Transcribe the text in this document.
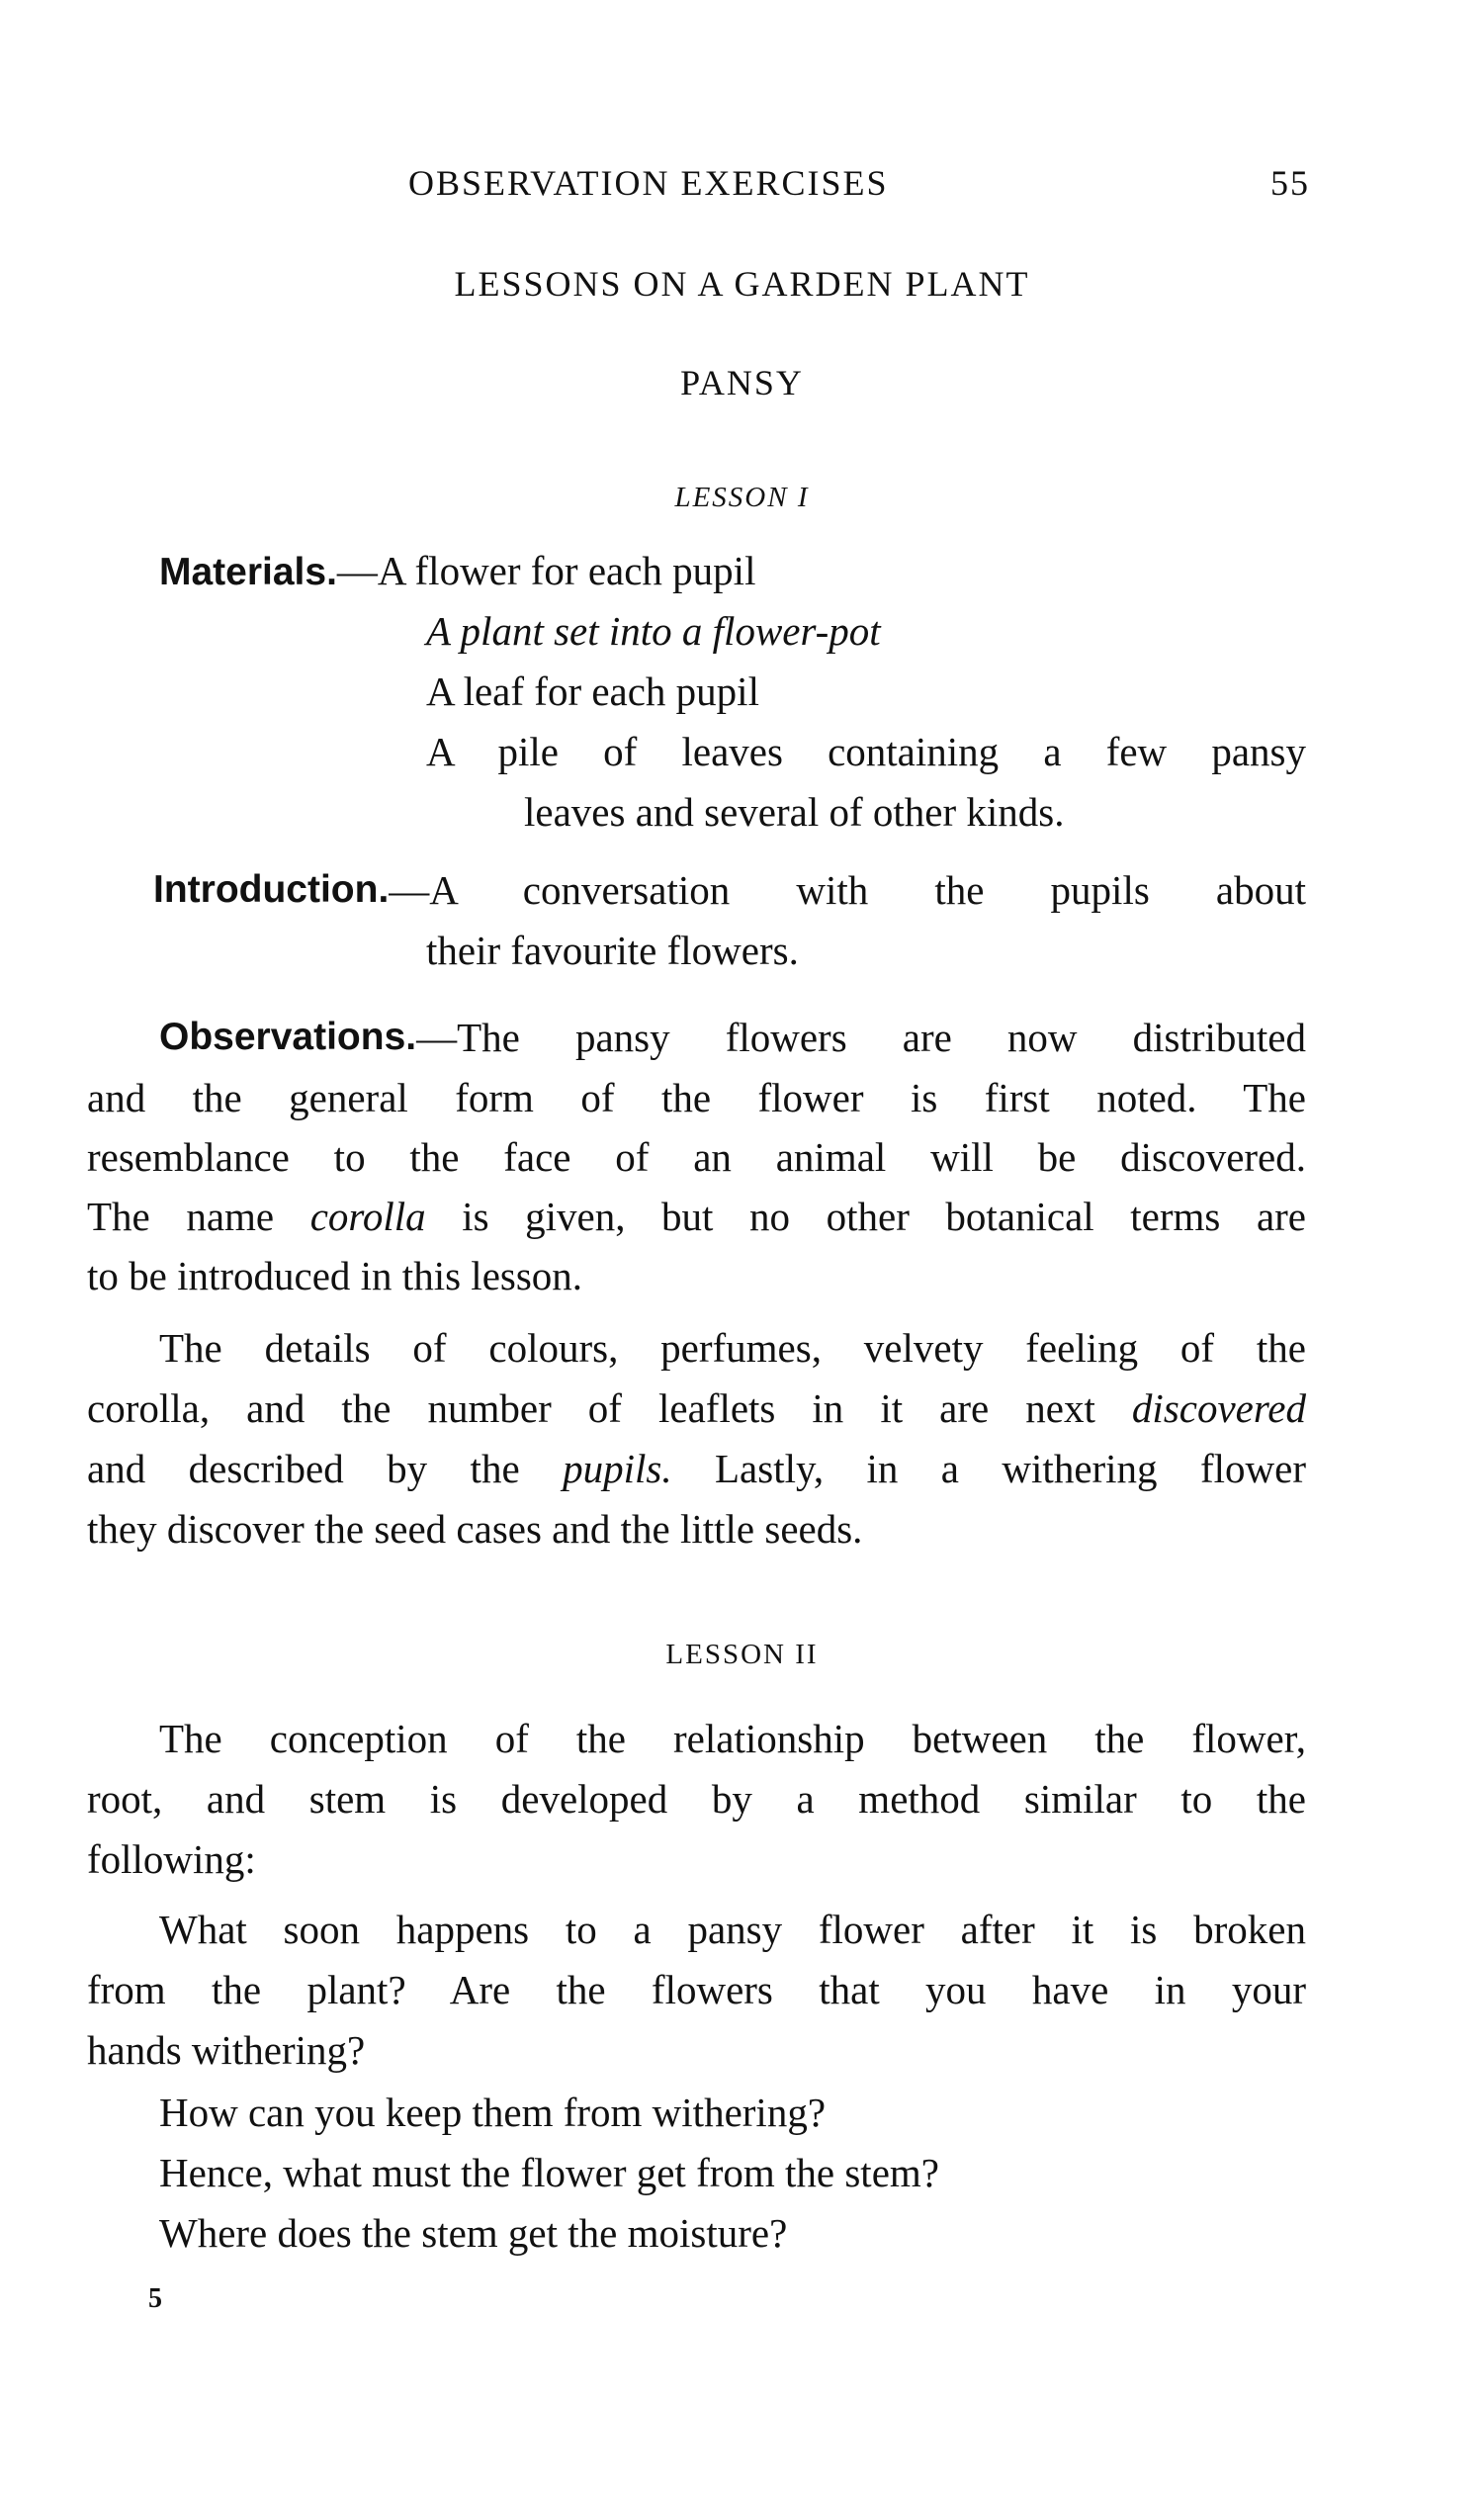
OBSERVATION EXERCISES	55
LESSONS ON A GARDEN PLANT
PANSY
LESSON I
Materials.—A flower for each pupil
A plant set into a flower-pot
A leaf for each pupil
A pile of leaves containing a few pansy
leaves and several of other kinds.
Introduction. —A conversation with the pupils about
their favourite flowers.
Observations. —The pansy flowers are now distributed
and the general form of the flower is first noted. The
resemblance to the face of an animal will be discovered.
The name corolla is given, but no other botanical terms are
to be introduced in this lesson.
The details of colours, perfumes, velvety feeling of the
corolla, and the number of leaflets in it are next discovered
and described by the pupils. Lastly, in a withering flower
they discover the seed cases and the little seeds.
LESSON II
The conception of the relationship between the flower,
root, and stem is developed by a method similar to the
following:
What soon happens to a pansy flower after it is broken
from the plant? Are the flowers that you have in your
hands withering?
How can you keep them from withering?
Hence, what must the flower get from the stem?
Where does the stem get the moisture?
5
